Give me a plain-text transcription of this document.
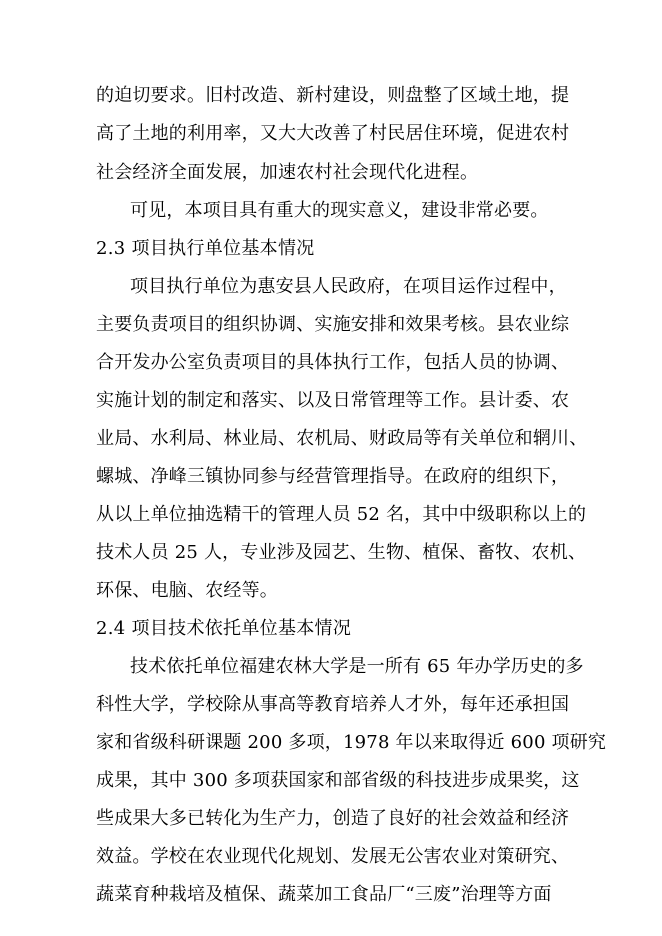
的迫切要求。旧村改造、新村建设，则盘整了区域土地，提
高了土地的利用率，又大大改善了村民居住环境，促进农村
社会经济全面发展，加速农村社会现代化进程。
可见，本项目具有重大的现实意义，建设非常必要。
2.3 项目执行单位基本情况
项目执行单位为惠安县人民政府，在项目运作过程中，
主要负责项目的组织协调、实施安排和效果考核。县农业综
合开发办公室负责项目的具体执行工作，包括人员的协调、
实施计划的制定和落实、以及日常管理等工作。县计委、农
业局、水利局、林业局、农机局、财政局等有关单位和辋川、
螺城、净峰三镇协同参与经营管理指导。在政府的组织下，
从以上单位抽选精干的管理人员 52 名，其中中级职称以上的
技术人员 25 人，专业涉及园艺、生物、植保、畜牧、农机、
环保、电脑、农经等。
2.4 项目技术依托单位基本情况
技术依托单位福建农林大学是一所有 65 年办学历史的多
科性大学，学校除从事高等教育培养人才外，每年还承担国
家和省级科研课题 200 多项，1978 年以来取得近 600 项研究
成果，其中 300 多项获国家和部省级的科技进步成果奖，这
些成果大多已转化为生产力，创造了良好的社会效益和经济
效益。学校在农业现代化规划、发展无公害农业对策研究、
蔬菜育种栽培及植保、蔬菜加工食品厂“三废”治理等方面
